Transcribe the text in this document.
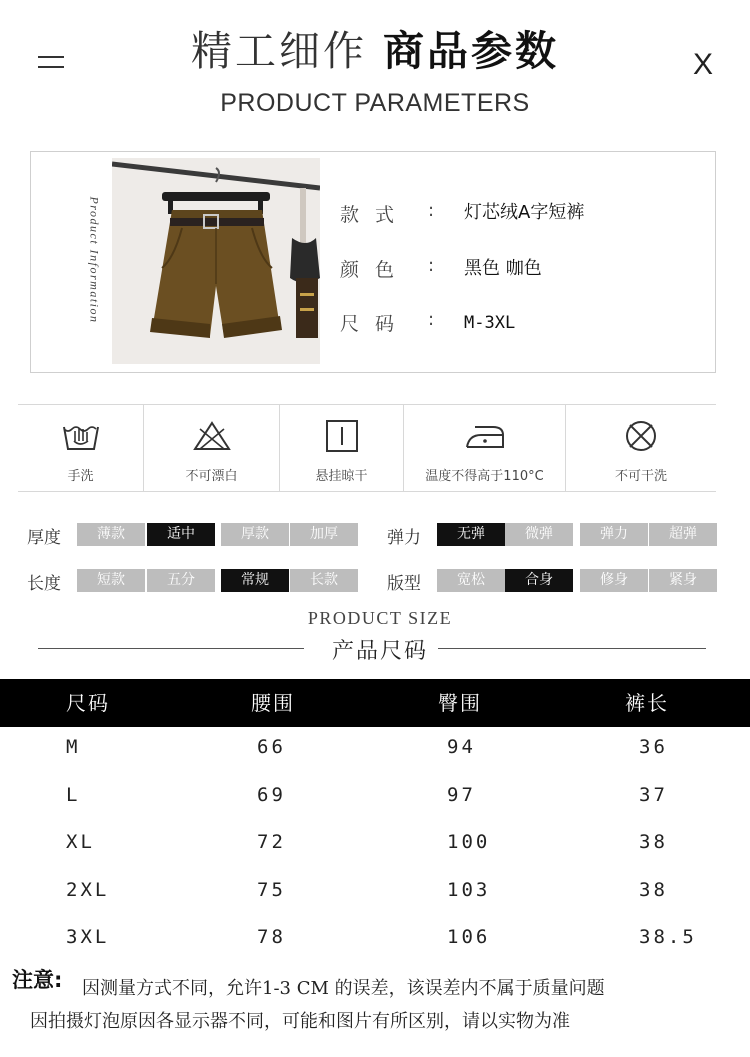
精工细作 商品参数	X
PRODUCT PARAMETERS
Product Information	款式 : 灯芯绒A字短裤
颜色 : 黑色 咖色
尺码 : M-3XL
手洗	不可漂白	悬挂晾干	温度不得高于110°C	不可干洗
厚度	薄款	适中	厚款	加厚	弹力	无弹	微弹	弹力	超弹
长度	短款	五分	常规	长款	版型	宽松	合身	修身	紧身
PRODUCT SIZE
产品尺码
尺码	腰围	臀围	裤长
M	66	94	36
L	69	97	37
XL	72	100	38
2XL	75	103	38
3XL	78	106	38.5
注意: 因测量方式不同，允许1-3 CM 的误差，该误差内不属于质量问题
因拍摄灯泡原因各显示器不同，可能和图片有所区别，请以实物为准
